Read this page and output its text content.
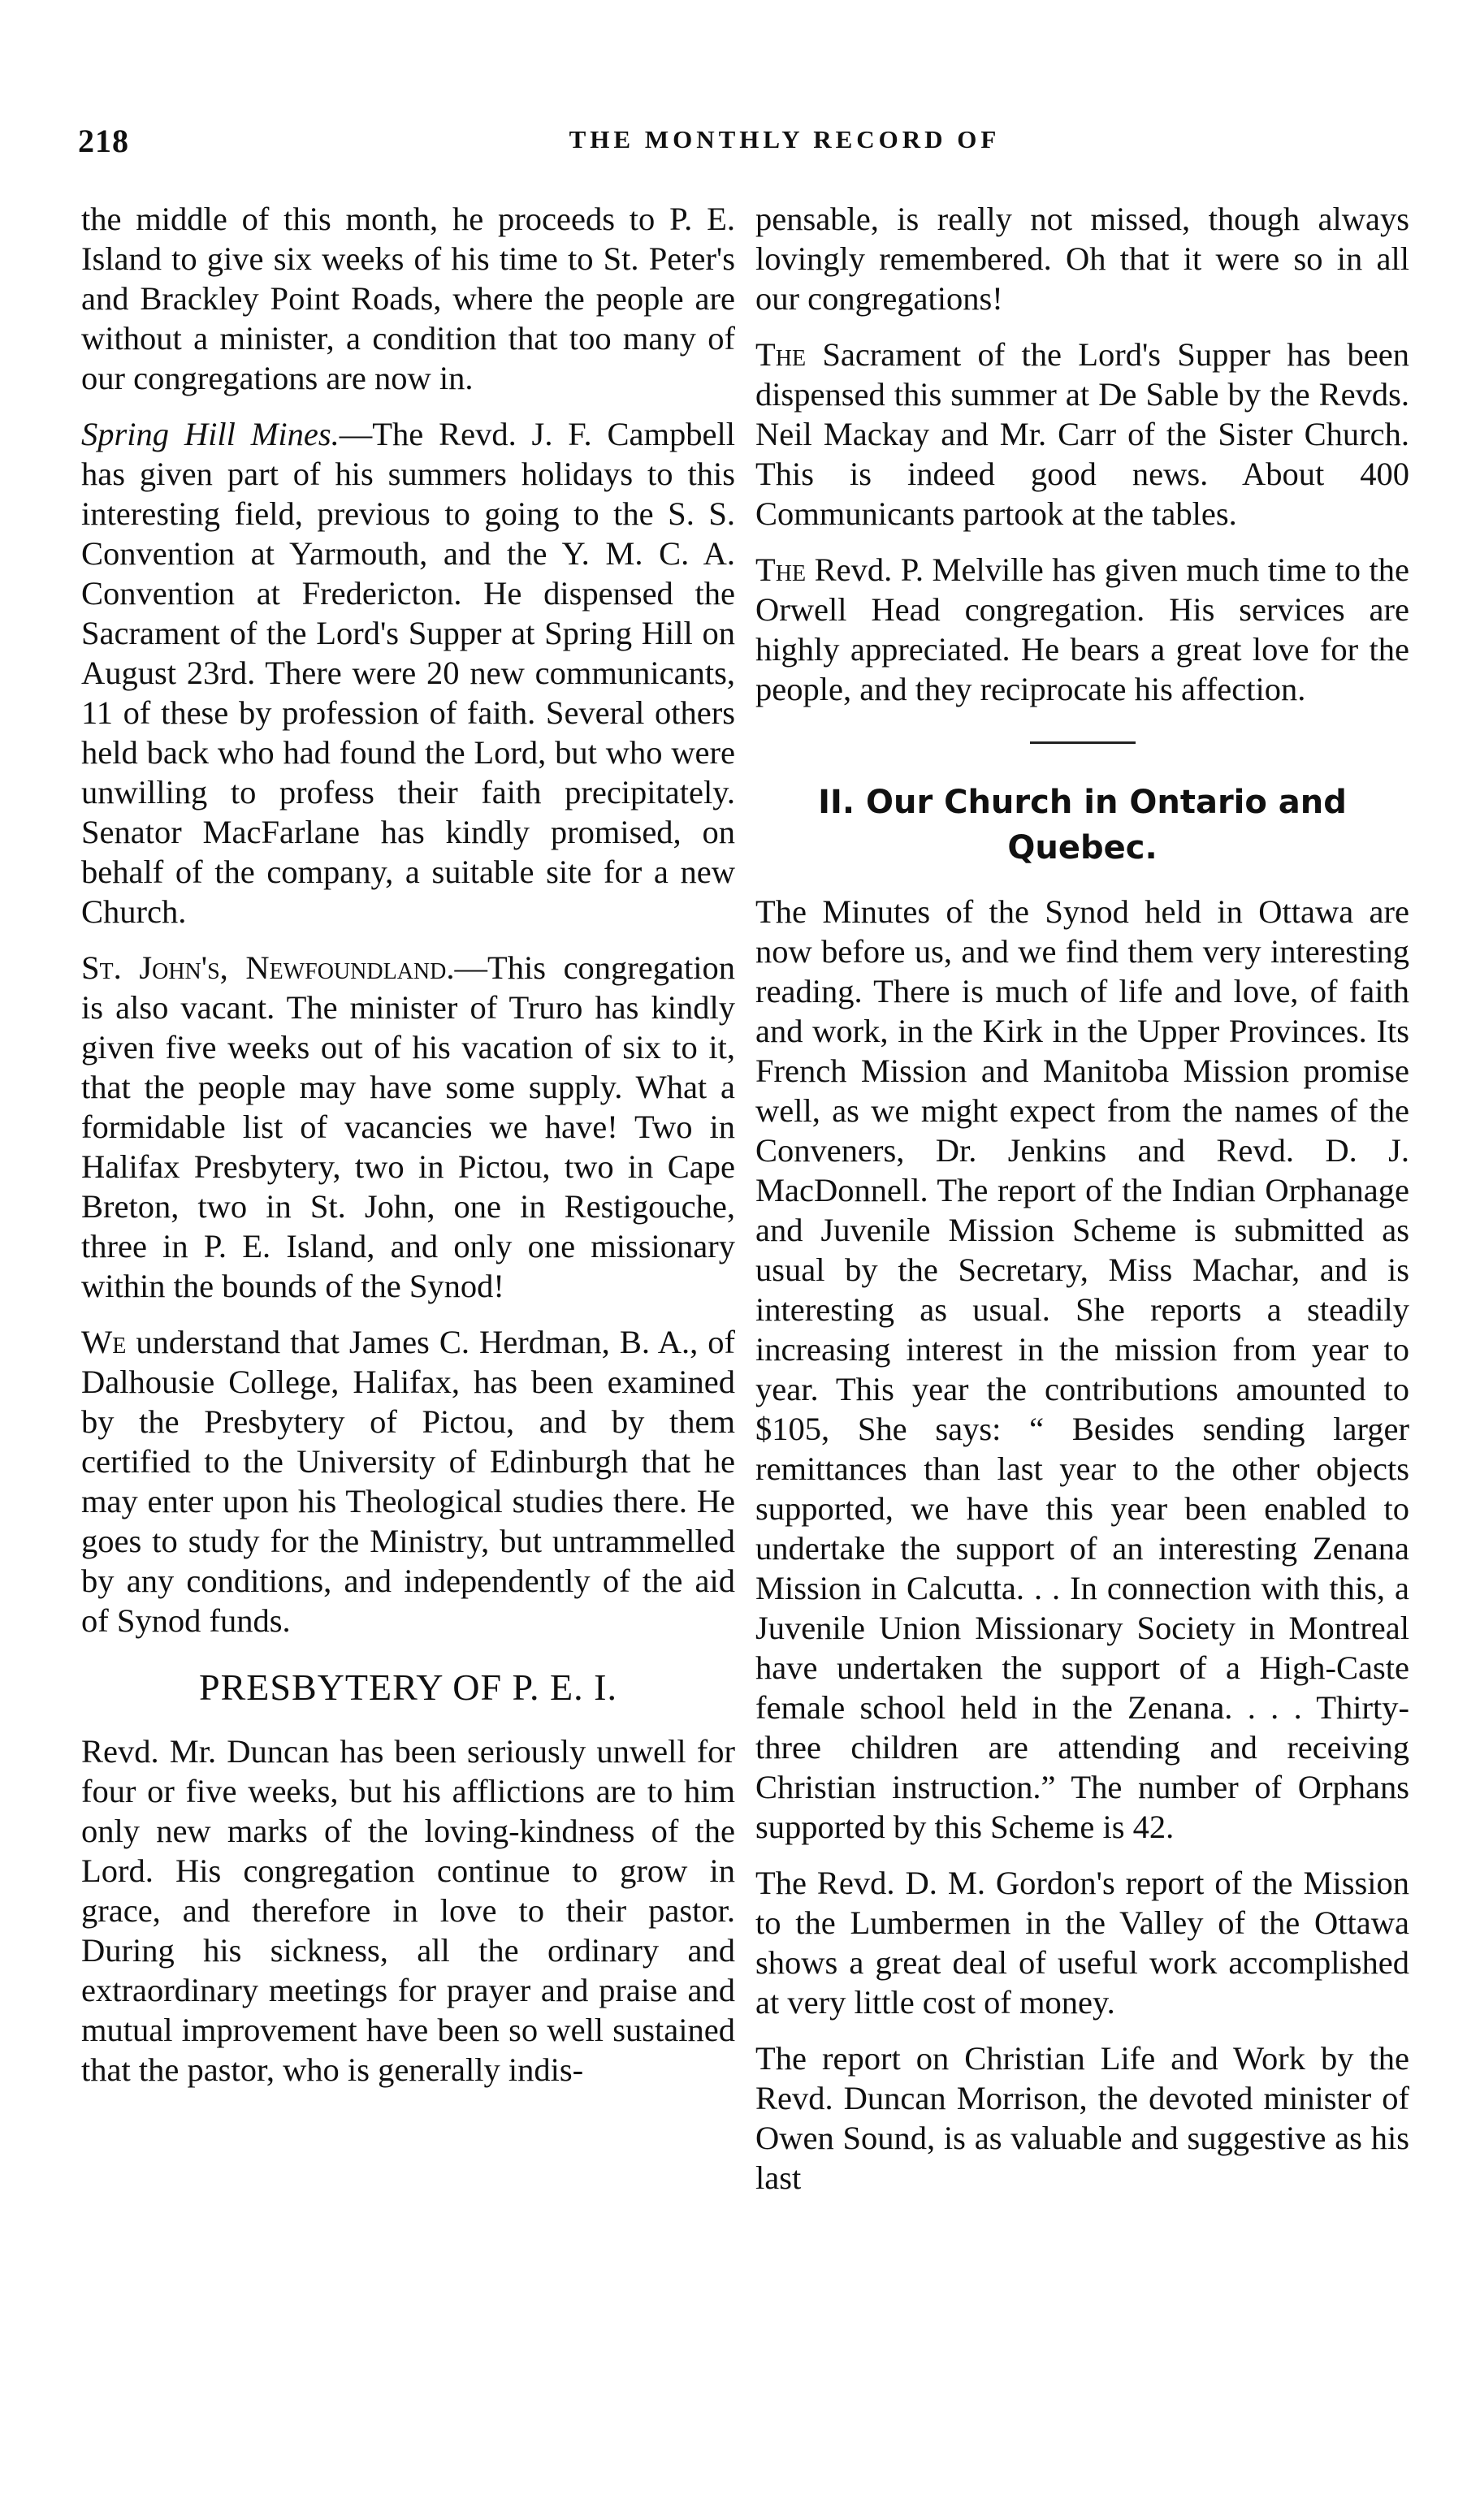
218	THE MONTHLY RECORD OF

the middle of this month, he proceeds to P. E. Island to give six weeks of his time to St. Peter's and Brackley Point Roads, where the people are without a minister, a condition that too many of our congregations are now in.

Spring Hill Mines.—The Revd. J. F. Campbell has given part of his summers holidays to this interesting field, previous to going to the S. S. Convention at Yarmouth, and the Y. M. C. A. Convention at Fredericton. He dispensed the Sacrament of the Lord's Supper at Spring Hill on August 23rd. There were 20 new communicants, 11 of these by profession of faith. Several others held back who had found the Lord, but who were unwilling to profess their faith precipitately. Senator MacFarlane has kindly promised, on behalf of the company, a suitable site for a new Church.

St. John's, Newfoundland.—This congregation is also vacant. The minister of Truro has kindly given five weeks out of his vacation of six to it, that the people may have some supply. What a formidable list of vacancies we have! Two in Halifax Presbytery, two in Pictou, two in Cape Breton, two in St. John, one in Restigouche, three in P. E. Island, and only one missionary within the bounds of the Synod!

We understand that James C. Herdman, B. A., of Dalhousie College, Halifax, has been examined by the Presbytery of Pictou, and by them certified to the University of Edinburgh that he may enter upon his Theological studies there. He goes to study for the Ministry, but untrammelled by any conditions, and independently of the aid of Synod funds.

PRESBYTERY OF P. E. I.

Revd. Mr. Duncan has been seriously unwell for four or five weeks, but his afflictions are to him only new marks of the loving-kindness of the Lord. His congregation continue to grow in grace, and therefore in love to their pastor. During his sickness, all the ordinary and extraordinary meetings for prayer and praise and mutual improvement have been so well sustained that the pastor, who is generally indis-

pensable, is really not missed, though always lovingly remembered. Oh that it were so in all our congregations!

The Sacrament of the Lord's Supper has been dispensed this summer at De Sable by the Revds. Neil Mackay and Mr. Carr of the Sister Church. This is indeed good news. About 400 Communicants partook at the tables.

The Revd. P. Melville has given much time to the Orwell Head congregation. His services are highly appreciated. He bears a great love for the people, and they reciprocate his affection.

II. Our Church in Ontario and Quebec.

The Minutes of the Synod held in Ottawa are now before us, and we find them very interesting reading. There is much of life and love, of faith and work, in the Kirk in the Upper Provinces. Its French Mission and Manitoba Mission promise well, as we might expect from the names of the Conveners, Dr. Jenkins and Revd. D. J. MacDonnell. The report of the Indian Orphanage and Juvenile Mission Scheme is submitted as usual by the Secretary, Miss Machar, and is interesting as usual. She reports a steadily increasing interest in the mission from year to year. This year the contributions amounted to $105, She says: “ Besides sending larger remittances than last year to the other objects supported, we have this year been enabled to undertake the support of an interesting Zenana Mission in Calcutta. . . In connection with this, a Juvenile Union Missionary Society in Montreal have undertaken the support of a High-Caste female school held in the Zenana. . . . Thirty-three children are attending and receiving Christian instruction.” The number of Orphans supported by this Scheme is 42.

The Revd. D. M. Gordon's report of the Mission to the Lumbermen in the Valley of the Ottawa shows a great deal of useful work accomplished at very little cost of money.

The report on Christian Life and Work by the Revd. Duncan Morrison, the devoted minister of Owen Sound, is as valuable and suggestive as his last
